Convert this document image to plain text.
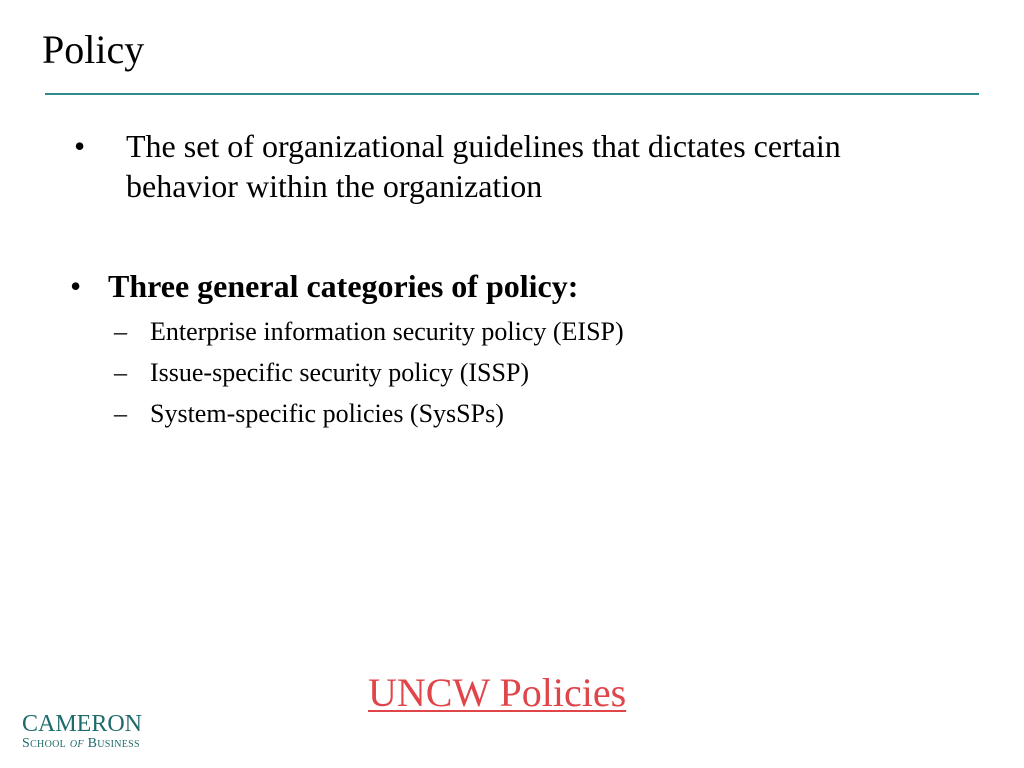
Policy
• The set of organizational guidelines that dictates certain behavior within the organization
• Three general categories of policy:
– Enterprise information security policy (EISP)
– Issue-specific security policy (ISSP)
– System-specific policies (SysSPs)
UNCW Policies
CAMERON
School of Business
